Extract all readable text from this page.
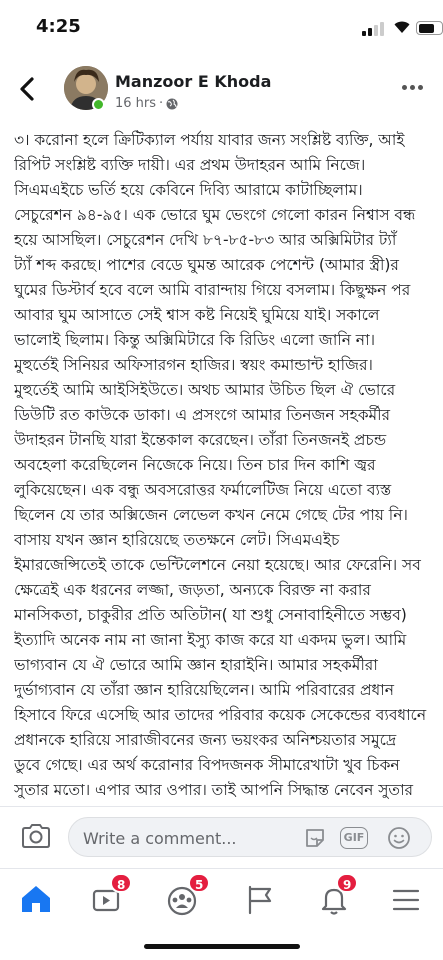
4:25
Manzoor E Khoda
16 hrs ·
৩। করোনা হলে ক্রিটিক্যাল পর্যায় যাবার জন্য সংশ্লিষ্ট ব্যক্তি, আই
রিপিট সংশ্লিষ্ট ব্যক্তি দায়ী। এর প্রথম উদাহরন আমি নিজে।
সিএমএইচে ভর্তি হয়ে কেবিনে দিব্যি আরামে কাটাচ্ছিলাম।
সেচুরেশন ৯৪-৯৫। এক ভোরে ঘুম ভেংগে গেলো কারন নিশ্বাস বন্ধ
হয়ে আসছিল। সেচুরেশন দেখি ৮৭-৮৫-৮৩ আর অক্সিমিটার ট্যাঁ
ট্যাঁ শব্দ করছে। পাশের বেডে ঘুমন্ত আরেক পেশেন্ট (আমার স্ত্রী)র
ঘুমের ডিস্টার্ব হবে বলে আমি বারান্দায় গিয়ে বসলাম। কিছুক্ষন পর
আবার ঘুম আসাতে সেই শ্বাস কষ্ট নিয়েই ঘুমিয়ে যাই। সকালে
ভালোই ছিলাম। কিন্তু অক্সিমিটারে কি রিডিং এলো জানি না।
মুহুর্তেই সিনিয়র অফিসারগন হাজির। স্বয়ং কমান্ডান্ট হাজির।
মুহুর্তেই আমি আইসিইউতে। অথচ আমার উচিত ছিল ঐ ভোরে
ডিউটি রত কাউকে ডাকা। এ প্রসংগে আমার তিনজন সহকর্মীর
উদাহরন টানছি যারা ইন্তেকাল করেছেন। তাঁরা তিনজনই প্রচন্ড
অবহেলা করেছিলেন নিজেকে নিয়ে। তিন চার দিন কাশি জ্বর
লুকিয়েছেন। এক বন্ধু অবসরোত্তর ফর্মালেটিজ নিয়ে এতো ব্যস্ত
ছিলেন যে তার অক্সিজেন লেভেল কখন নেমে গেছে টের পায় নি।
বাসায় যখন জ্ঞান হারিয়েছে ততক্ষনে লেট। সিএমএইচ
ইমারজেন্সিতেই তাকে ভেন্টিলেশনে নেয়া হয়েছে। আর ফেরেনি। সব
ক্ষেত্রেই এক ধরনের লজ্জা, জড়তা, অন্যকে বিরক্ত না করার
মানসিকতা, চাকুরীর প্রতি অতিটান( যা শুধু সেনাবাহিনীতে সম্ভব)
ইত্যাদি অনেক নাম না জানা ইস্যু কাজ করে যা একদম ভুল। আমি
ভাগ্যবান যে ঐ ভোরে আমি জ্ঞান হারাইনি। আমার সহকর্মীরা
দুর্ভাগ্যবান যে তাঁরা জ্ঞান হারিয়েছিলেন। আমি পরিবারের প্রধান
হিসাবে ফিরে এসেছি আর তাদের পরিবার কয়েক সেকেন্ডের ব্যবধানে
প্রধানকে হারিয়ে সারাজীবনের জন্য ভয়ংকর অনিশ্চয়তার সমুদ্রে
ডুবে গেছে। এর অর্থ করোনার বিপদজনক সীমারেখাটা খুব চিকন
সুতার মতো। এপার আর ওপার। তাই আপনি সিদ্ধান্ত নেবেন সুতার
Write a comment...
GIF
8	5	9
